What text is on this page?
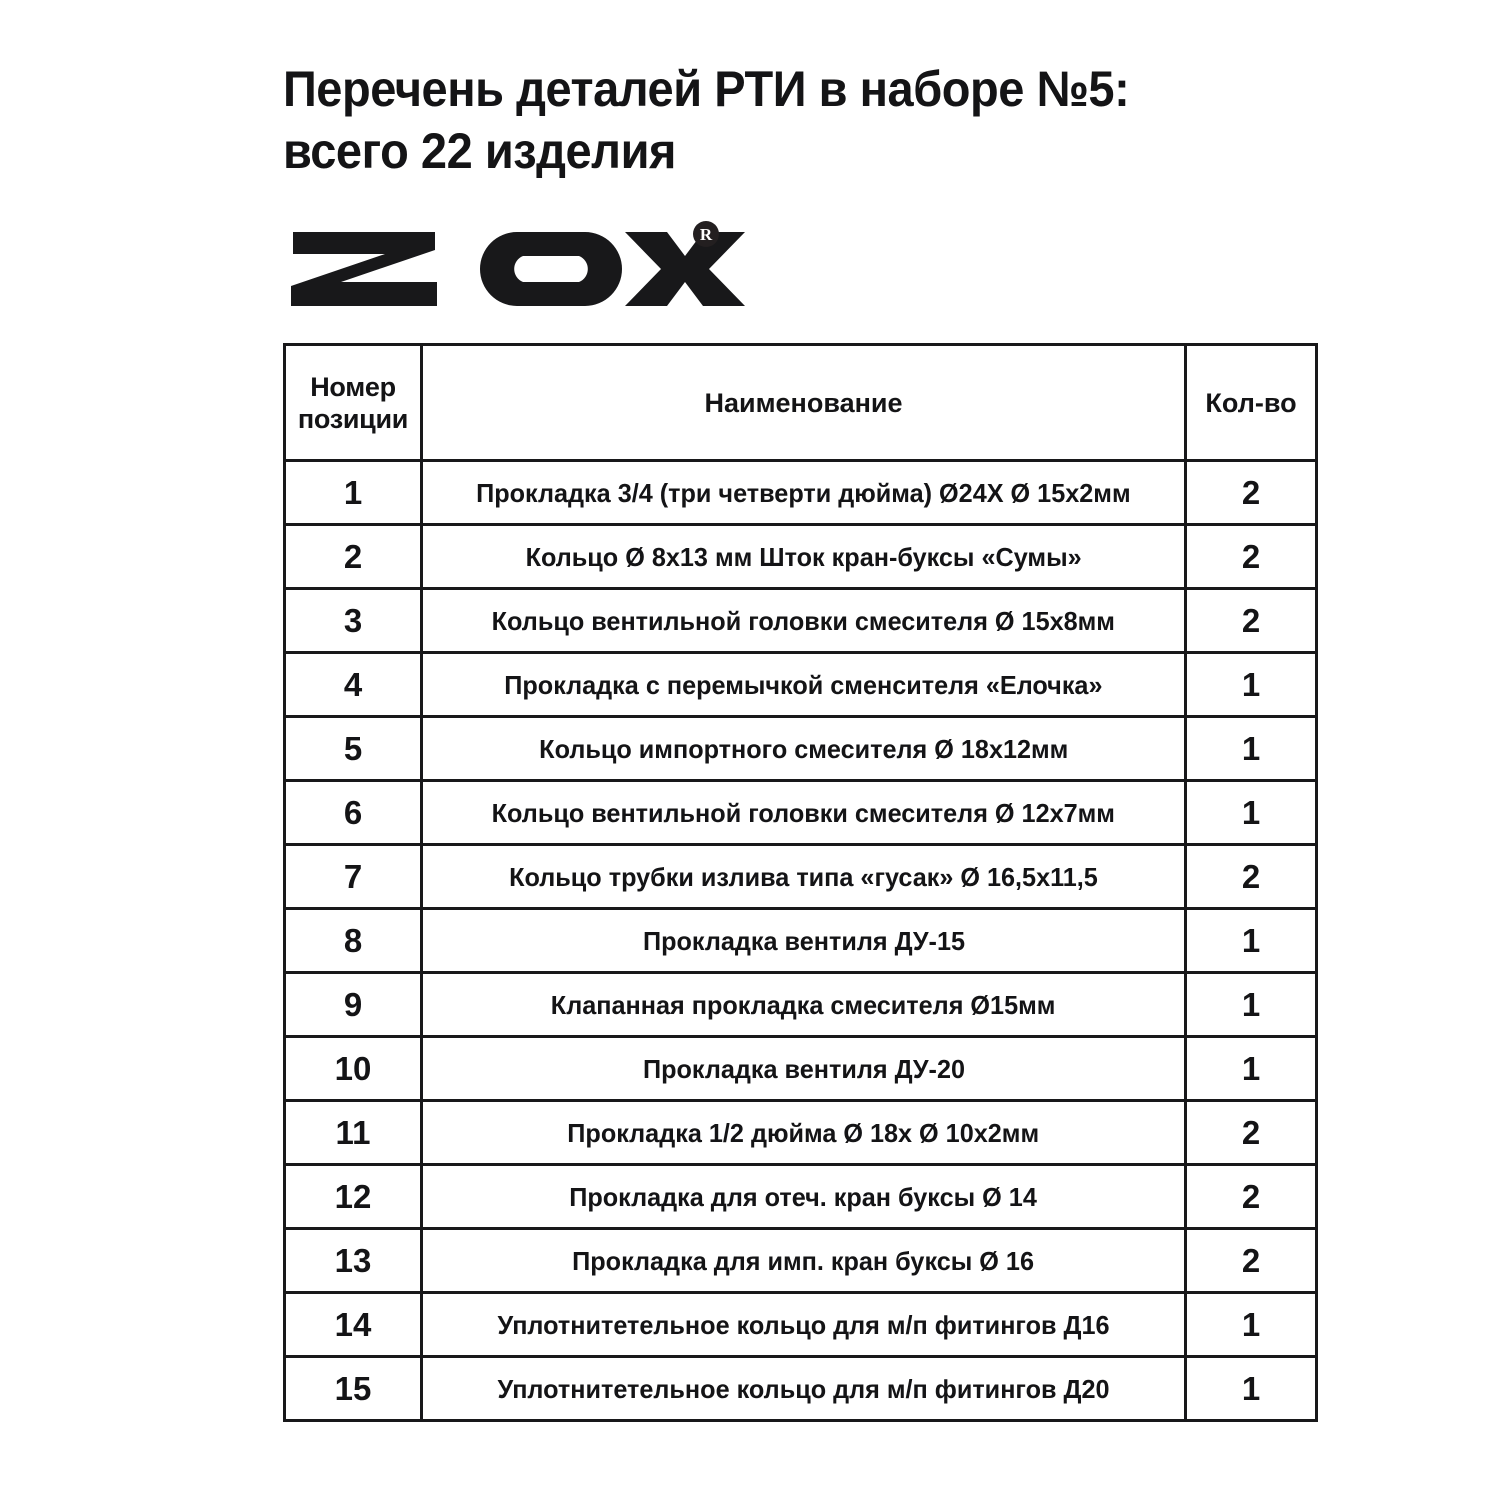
Перечень деталей РТИ в наборе №5:
всего 22 изделия
R
Номер позиции	Наименование	Кол-во
1	Прокладка 3/4 (три четверти дюйма) Ø24Х Ø 15х2мм	2
2	Кольцо Ø 8х13 мм Шток кран-буксы «Сумы»	2
3	Кольцо вентильной головки смесителя Ø 15х8мм	2
4	Прокладка с перемычкой сменсителя «Елочка»	1
5	Кольцо импортного смесителя Ø 18х12мм	1
6	Кольцо вентильной головки смесителя Ø 12х7мм	1
7	Кольцо трубки излива типа «гусак» Ø 16,5х11,5	2
8	Прокладка вентиля ДУ-15	1
9	Клапанная прокладка смесителя Ø15мм	1
10	Прокладка вентиля ДУ-20	1
11	Прокладка 1/2 дюйма Ø 18х Ø 10х2мм	2
12	Прокладка для отеч. кран буксы Ø 14	2
13	Прокладка для имп. кран буксы Ø 16	2
14	Уплотнитетельное кольцо для м/п фитингов Д16	1
15	Уплотнитетельное кольцо для м/п фитингов Д20	1
